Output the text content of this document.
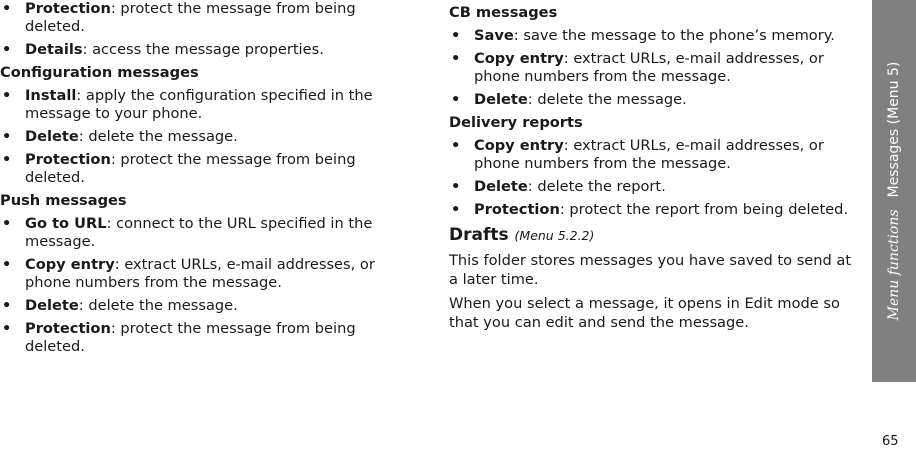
• Protection: protect the message from being deleted.
• Details: access the message properties.
Configuration messages
• Install: apply the configuration specified in the message to your phone.
• Delete: delete the message.
• Protection: protect the message from being deleted.
Push messages
• Go to URL: connect to the URL specified in the message.
• Copy entry: extract URLs, e-mail addresses, or phone numbers from the message.
• Delete: delete the message.
• Protection: protect the message from being deleted.
CB messages
• Save: save the message to the phone’s memory.
• Copy entry: extract URLs, e-mail addresses, or phone numbers from the message.
• Delete: delete the message.
Delivery reports
• Copy entry: extract URLs, e-mail addresses, or phone numbers from the message.
• Delete: delete the report.
• Protection: protect the report from being deleted.
Drafts (Menu 5.2.2)
This folder stores messages you have saved to send at a later time.
When you select a message, it opens in Edit mode so that you can edit and send the message.
Menu functionsMessages (Menu 5)
65
